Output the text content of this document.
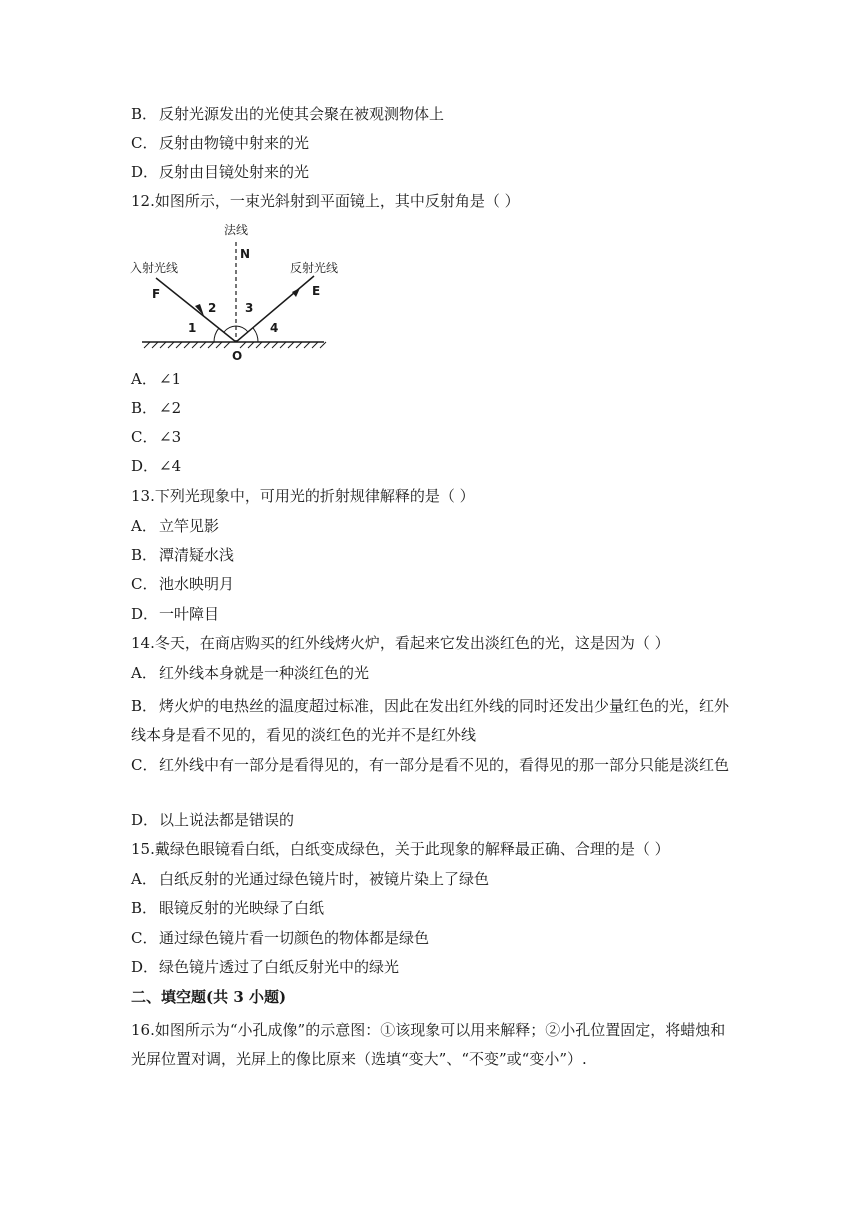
B． 反射光源发出的光使其会聚在被观测物体上
C． 反射由物镜中射来的光
D．反射由目镜处射来的光
12.如图所示，一束光斜射到平面镜上，其中反射角是（ ）
法线
N
入射光线	反射光线
F	E
O
1
2 3
4
A． ∠1
B． ∠2
C． ∠3
D．∠4
13.下列光现象中，可用光的折射规律解释的是（ ）
A． 立竿见影
B． 潭清疑水浅
C． 池水映明月
D．一叶障目
14.冬天，在商店购买的红外线烤火炉，看起来它发出淡红色的光，这是因为（ ）
A． 红外线本身就是一种淡红色的光
B． 烤火炉的电热丝的温度超过标准，因此在发出红外线的同时还发出少量红色的光，红外线本身是看不见的，看见的淡红色的光并不是红外线
C． 红外线中有一部分是看得见的，有一部分是看不见的，看得见的那一部分只能是淡红色
D．以上说法都是错误的
15.戴绿色眼镜看白纸，白纸变成绿色，关于此现象的解释最正确、合理的是（ ）
A． 白纸反射的光通过绿色镜片时，被镜片染上了绿色
B． 眼镜反射的光映绿了白纸
C． 通过绿色镜片看一切颜色的物体都是绿色
D．绿色镜片透过了白纸反射光中的绿光
二、填空题(共 3 小题)
16.如图所示为“小孔成像”的示意图：①该现象可以用来解释；②小孔位置固定，将蜡烛和光屏位置对调，光屏上的像比原来（选填“变大”、“不变”或“变小”）.
